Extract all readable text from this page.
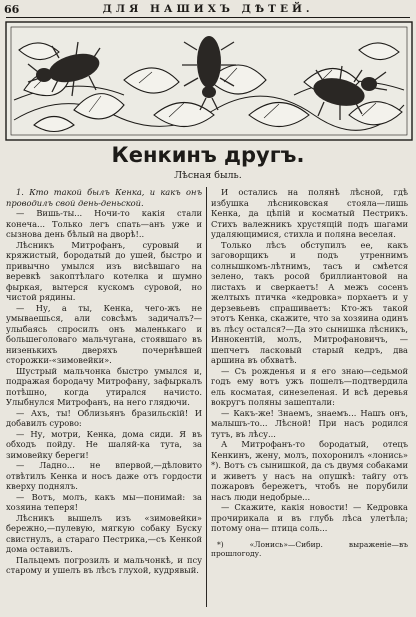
66	ДЛЯ НАШИХЪ ДѢТЕЙ.
Кенкинъ другъ.
Лѣсная быль.

1. Кто такой былъ Кенка, и какъ онъ проводилъ свой день-деньской.

— Вишь-ты... Ночи-то какія стали конеча... Только легъ спать—анъ уже и сызнова день бѣлый на дворѣ!..

Лѣсникъ Митрофанъ, суровый и кряжистый, бородатый до ушей, быстро и привычно умылся изъ висѣвшаго на веревкѣ закоптѣлаго котелка и шумно фыркая, вытерся кускомъ суровой, но чистой рядины.

— Ну, а ты, Кенка, чего-жъ не умываешься, али совсѣмъ задичалъ?—улыбаясь спросилъ онъ маленькаго и большеголоваго мальчугана, стоявшаго въ низенькихъ дверяхъ почернѣвшей сторожки-«зимовейки».

Шустрый мальчонка быстро умылся и, подражая бородачу Митрофану, зафыркалъ потѣшно, когда утирался начисто. Улыбнулся Митрофанъ, на него глядючи.

— Ахъ, ты! Облизьянъ бразильскій! И добавилъ сурово:

— Ну, мотри, Кенка, дома сиди. Я въ обходъ пойду. Не шаляй-ка тута, за зимовейку береги!

— Ладно... не впервой,—дѣловито отвѣтилъ Кенка и носъ даже отъ гордости кверху поднялъ.

— Вотъ, молъ, какъ мы—понимай: за хозяина теперя!

Лѣсникъ вышелъ изъ «зимовейки» бережно,—пулевую, мягкую собаку Буску свистнулъ, а стараго Пестрика,—съ Кенкой дома оставилъ.

Пальцемъ погрозилъ и мальчонкѣ, и псу старому и ушелъ въ лѣсъ глухой, кудрявый.

И остались на полянѣ лѣсной, гдѣ избушка лѣсниковская стояла—лишь Кенка, да цѣпій и косматый Пестрикъ. Стихъ валежникъ хрустящій подъ шагами удаляющимися, стихла и поляна веселая.

Только лѣсъ обступилъ ее, какъ заговорщикъ и подъ утреннимъ солнышкомъ-лѣтнимъ, тасъ и смѣется зелено, такъ росой бриллиантовой на листахъ и сверкаетъ! А межъ сосенъ желтыхъ птичка «кедровка» порхаетъ и у дерзевьевъ спрашиваетъ: Кто-жъ такой этотъ Кенка, скажите, что за хозяина одинъ въ лѣсу остался?—Да это сынишка лѣсникъ, Иннокентій, молъ, Митрофановичъ, — шепчетъ ласковый старый кедръ, два аршина въ обхватѣ.

— Съ рожденья и я его знаю—седьмой годъ ему вотъ ужъ пошелъ—подтвердила ель косматая, синезеленая. И всѣ деревья вокругъ поляны зашептали:

— Какъ-же! Знаемъ, знаемъ... Нашъ онъ, малышъ-то... Лѣсной! При насъ родился тутъ, въ лѣсу...

А Митрофанъ-то бородатый, отецъ Кенкинъ, жену, молъ, похоронилъ «лонись» *). Вотъ съ сынишкой, да съ двумя собаками и живетъ у насъ на опушкѣ: тайгу отъ пожаровъ бережетъ, чтобъ не порубили насъ люди недобрые...

— Скажите, какія новости! — Кедровка прочирикала и въ глубь лѣса улетѣла; потому она— птица соль...

*) «Лонись»—Сибир. выраженіе—въ прошлогоду.
